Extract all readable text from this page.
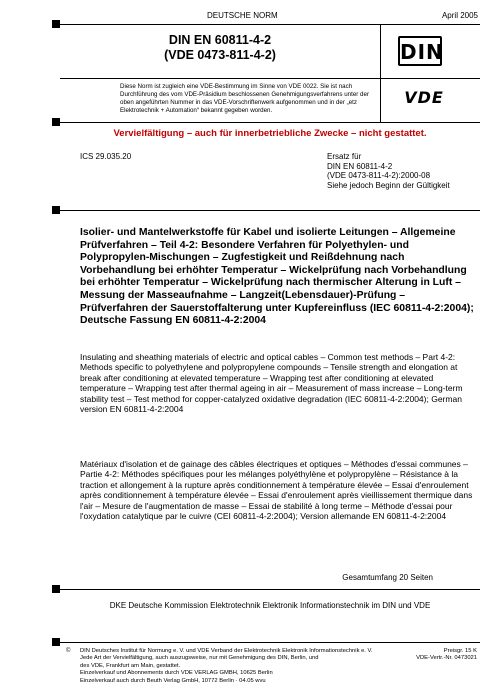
DEUTSCHE NORM	April 2005
DIN EN 60811-4-2
(VDE 0473-811-4-2)	DIN
VDE
Diese Norm ist zugleich eine VDE-Bestimmung im Sinne von VDE 0022. Sie ist nach Durchführung des vom VDE-Präsidium beschlossenen Genehmigungsverfahrens unter der oben angeführten Nummer in das VDE-Vorschriftenwerk aufgenommen und in der „etz Elektrotechnik + Automation“ bekannt gegeben worden.
Vervielfältigung – auch für innerbetriebliche Zwecke – nicht gestattet.
ICS 29.035.20	Ersatz für
DIN EN 60811-4-2
(VDE 0473-811-4-2):2000-08
Siehe jedoch Beginn der Gültigkeit
Isolier- und Mantelwerkstoffe für Kabel und isolierte Leitungen – Allgemeine Prüfverfahren – Teil 4-2: Besondere Verfahren für Polyethylen- und Polypropylen-Mischungen – Zugfestigkeit und Reißdehnung nach Vorbehandlung bei erhöhter Temperatur – Wickelprüfung nach Vorbehandlung bei erhöhter Temperatur – Wickelprüfung nach thermischer Alterung in Luft – Messung der Masseaufnahme – Langzeit(Lebensdauer)-Prüfung – Prüfverfahren der Sauerstoffalterung unter Kupfereinfluss (IEC 60811-4-2:2004); Deutsche Fassung EN 60811-4-2:2004
Insulating and sheathing materials of electric and optical cables – Common test methods – Part 4-2: Methods specific to polyethylene and polypropylene compounds – Tensile strength and elongation at break after conditioning at elevated temperature – Wrapping test after conditioning at elevated temperature – Wrapping test after thermal ageing in air – Measurement of mass increase – Long-term stability test – Test method for copper-catalyzed oxidative degradation (IEC 60811-4-2:2004); German version EN 60811-4-2:2004
Matériaux d'isolation et de gainage des câbles électriques et optiques – Méthodes d'essai communes – Partie 4-2: Méthodes spécifiques pour les mélanges polyéthylène et polypropylène – Résistance à la traction et allongement à la rupture après conditionnement à température élevée – Essai d'enroulement après conditionnement à température élevée – Essai d'enroulement après vieillissement thermique dans l'air – Mesure de l'augmentation de masse – Essai de stabilité à long terme – Méthode d'essai pour l'oxydation catalytique par le cuivre (CEI 60811-4-2:2004); Version allemande EN 60811-4-2:2004
Gesamtumfang 20 Seiten
DKE Deutsche Kommission Elektrotechnik Elektronik Informationstechnik im DIN und VDE
© DIN Deutsches Institut für Normung e. V. und VDE Verband der Elektrotechnik Elektronik Informationstechnik e. V.
Jede Art der Vervielfältigung, auch auszugsweise, nur mit Genehmigung des DIN, Berlin, und
des VDE, Frankfurt am Main, gestattet.
Einzelverkauf und Abonnements durch VDE VERLAG GMBH, 10625 Berlin
Einzelverkauf auch durch Beuth Verlag GmbH, 10772 Berlin · 04.05 wvu
Preisgr. 15 K
VDE-Vertr.-Nr. 0473021
